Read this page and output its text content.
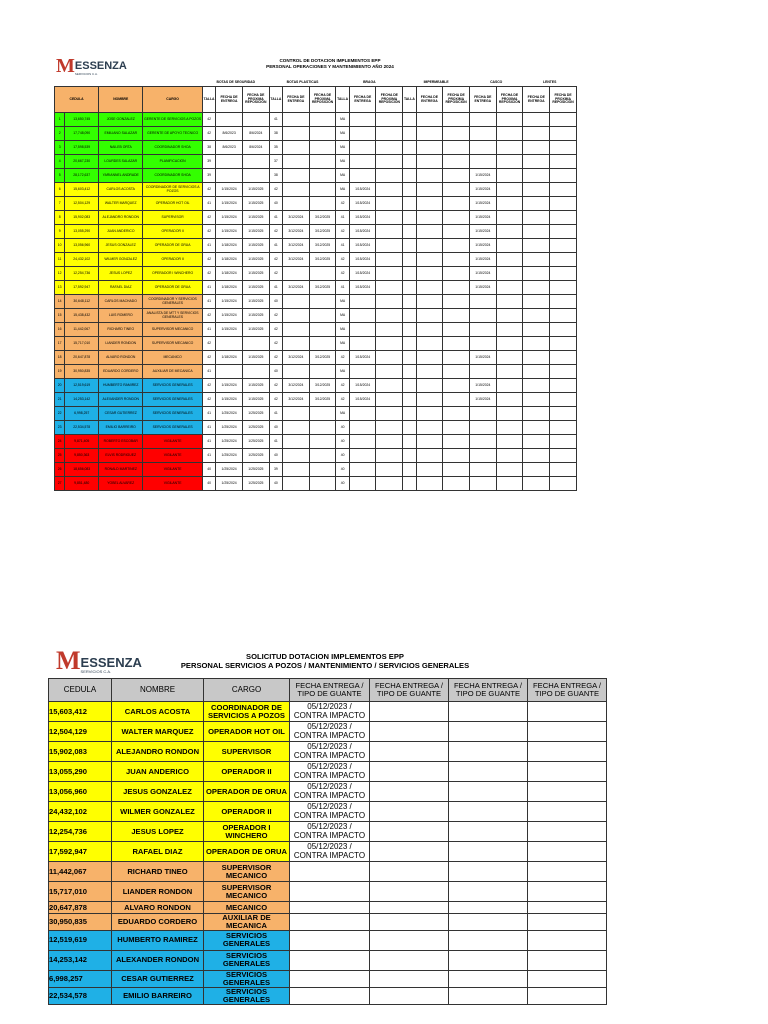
M ESSENZA
SERVICIOS C.A.
CONTROL DE DOTACION IMPLEMENTOS EPP
PERSONAL OPERACIONES Y MANTENIMIENTO AÑO 2024
				BOTAS DE SEGURIDAD			BOTAS PLASTICAS			BRAGA			IMPERMEABLE			CASCO		LENTES	
CEDULA		NOMBRE	CARGO	TALLA	FECHA DE ENTREGA	FECHA DE PROXIMA REPOSICIÓN	TALLA	FECHA DE ENTREGA	FECHA DE PROXIMA REPOSICIÓN	TALLA	FECHA DE ENTREGA	FECHA DE PROXIMA REPOSICIÓN	TALLA	FECHA DE ENTREGA	FECHA DE PROXIMA REPOSICIÓN	FECHA DE ENTREGA	FECHA DE PROXIMA REPOSICIÓN	FECHA DE ENTREGA	FECHA DE PROXIMA REPOSICIÓN
1	13,650,745	JOSE GONZALEZ	GERENTE DE SERVICIOS A POZOS	42			41			MA									
2	17,748,090	EMILIANO SALAZAR	GERENTE DE APOYO TECNICO	42	8/6/2023	8/6/2024	38			MA									
3	17,598,539	NAILEB ORTA	COORDINADOR SHOA	38	8/6/2023	8/6/2024	35			MA									
4	20,667,230	LOURDES SALAZAR	PLANIFICACION	39			37			MA									
5	28,172,637	YARIANNEL ANDRADE	COORDINADOR SHOA	39			38			MA						1/15/2024			
6	15,603,412	CARLOS ACOSTA	COORDINADOR DE SERVICIOS A POZOS	42	1/15/2024	1/15/2025	42			MA	1/15/2024					1/15/2024			
7	12,504,129	WALTER MARQUEZ	OPERADOR HOT OIL	41	1/15/2024	1/15/2025	40			42	1/15/2024					1/15/2024			
8	15,902,083	ALEJANDRO RONDON	SUPERVISOR	42	1/15/2024	1/15/2025	41	3/12/2024	3/12/2025	41	1/15/2024					1/15/2024			
9	13,055,290	JUAN ANDERICO	OPERADOR II	42	1/15/2024	1/15/2025	42	3/12/2024	3/12/2025	42	1/15/2024					1/15/2024			
10	13,056,960	JESUS GONZALEZ	OPERADOR DE GRUA	41	1/18/2024	1/15/2025	41	3/12/2024	3/12/2025	41	1/15/2024					1/15/2024			
11	24,432,102	WILMER GONZALEZ	OPERADOR II	42	1/18/2024	1/15/2025	42	3/12/2024	3/12/2025	42	1/15/2024					1/15/2024			
12	12,254,736	JESUS LOPEZ	OPERADOR I WINCHERO	42	1/18/2024	1/15/2025	42			42	1/15/2024					1/15/2024			
13	17,592,947	RAFAEL DIAZ	OPERADOR DE GRUA	41	1/18/2024	1/15/2025	41	3/12/2024	3/12/2025	41	1/15/2024					1/15/2024			
14	30,648,112	CARLOS MACHADO	COORDINADOR Y SERVICIOS GENERALES	41	1/15/2024	1/15/2025	40			MA									
15	15,438,432	LUIS ROMERO	ANALISTA DE MTT Y SERVICIOS GENERALES	42	1/15/2024	1/15/2025	42			MA									
16	11,442,067	RICHARD TINEO	SUPERVISOR MECANICO	41	1/15/2024	1/15/2025	42			MA									
17	15,717,010	LIANDER RONDON	SUPERVISOR MECANICO	42			42			MA									
18	20,647,878	ALVARO RONDON	MECANICO	42	1/18/2024	1/15/2025	42	3/12/2024	3/12/2025	42	1/15/2024					1/15/2024			
19	30,950,835	EDUARDO CORDERO	AUXILIAR DE MECANICA	41			40			MA									
20	12,519,619	HUMBERTO RAMIREZ	SERVICIOS GENERALES	42	1/15/2024	1/15/2025	42	3/12/2024	3/12/2025	42	1/15/2024					1/15/2024			
21	14,253,142	ALEXANDER RONDON	SERVICIOS GENERALES	42	1/15/2024	1/15/2025	42	3/12/2024	3/12/2025	42	1/15/2024					1/15/2024			
22	6,998,257	CESAR GUTIERREZ	SERVICIOS GENERALES	41	1/25/2024	1/25/2025	41			MA									
23	22,534,578	EMILIO BARREIRO	SERVICIOS GENERALES	41	1/25/2024	1/25/2025	40			40									
24	9,871,405	ROBERTO ESCOBAR	VIGILANTE	41	1/25/2024	1/25/2025	41			40									
25	9,850,363	ELVIS RODRIGUEZ	VIGILANTE	41	1/25/2024	1/25/2025	40			40									
26	18,656,083	RONALD MARTINEZ	VIGILANTE	40	1/25/2024	1/25/2025	39			40									
27	9,851,480	YOBEL ALVAREZ	VIGILANTE	40	1/25/2024	1/25/2025	40			40									
M ESSENZA
SERVICIOS C.A.
SOLICITUD DOTACION IMPLEMENTOS EPP
PERSONAL SERVICIOS A POZOS / MANTENIMIENTO / SERVICIOS GENERALES
CEDULA	NOMBRE	CARGO	FECHA ENTREGA / TIPO DE GUANTE	FECHA ENTREGA / TIPO DE GUANTE	FECHA ENTREGA / TIPO DE GUANTE	FECHA ENTREGA / TIPO DE GUANTE
15,603,412	CARLOS ACOSTA	COORDINADOR DE SERVICIOS A POZOS	05/12/2023 / CONTRA IMPACTO			
12,504,129	WALTER MARQUEZ	OPERADOR HOT OIL	05/12/2023 / CONTRA IMPACTO			
15,902,083	ALEJANDRO RONDON	SUPERVISOR	05/12/2023 / CONTRA IMPACTO			
13,055,290	JUAN ANDERICO	OPERADOR II	05/12/2023 / CONTRA IMPACTO			
13,056,960	JESUS GONZALEZ	OPERADOR DE ORUA	05/12/2023 / CONTRA IMPACTO			
24,432,102	WILMER GONZALEZ	OPERADOR II	05/12/2023 / CONTRA IMPACTO			
12,254,736	JESUS LOPEZ	OPERADOR I WINCHERO	05/12/2023 / CONTRA IMPACTO			
17,592,947	RAFAEL DIAZ	OPERADOR DE ORUA	05/12/2023 / CONTRA IMPACTO			
11,442,067	RICHARD TINEO	SUPERVISOR MECANICO				
15,717,010	LIANDER RONDON	SUPERVISOR MECANICO				
20,647,878	ALVARO RONDON	MECANICO				
30,950,835	EDUARDO CORDERO	AUXILIAR DE MECANICA				
12,519,619	HUMBERTO RAMIREZ	SERVICIOS GENERALES				
14,253,142	ALEXANDER RONDON	SERVICIOS GENERALES				
6,998,257	CESAR GUTIERREZ	SERVICIOS GENERALES				
22,534,578	EMILIO BARREIRO	SERVICIOS GENERALES				
